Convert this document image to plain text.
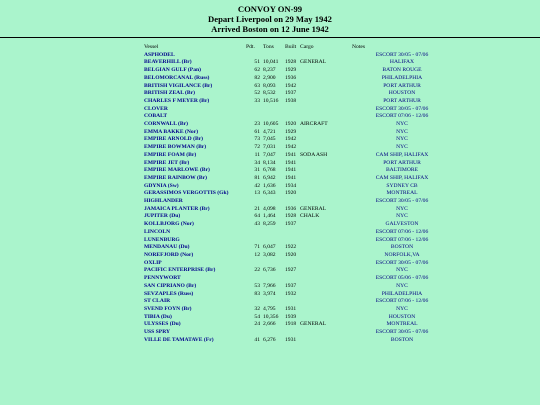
CONVOY ON-99
Depart Liverpool on 29 May 1942
Arrived Boston on 12 June 1942
Vessel	Pdt.	Tons	Built	Cargo	Notes
ASPHODEL					ESCORT 30/05 - 07/06
BEAVERHILL (Br)	51	10,041	1928	GENERAL	HALIFAX
BELGIAN GULF (Pan)	62	8,237	1929		BATON ROUGE
BELOMORCANAL (Russ)	82	2,900	1936		PHILADELPHIA
BRITISH VIGILANCE (Br)	63	8,093	1942		PORT ARTHUR
BRITISH ZEAL (Br)	52	8,532	1937		HOUSTON
CHARLES F MEYER (Br)	33	10,516	1938		PORT ARTHUR
CLOVER					ESCORT 30/05 - 07/06
COBALT					ESCORT 07/06 - 12/06
CORNWALL (Br)	23	10,605	1920	AIRCRAFT	NYC
EMMA BAKKE (Nor)	61	4,721	1929		NYC
EMPIRE ARNOLD (Br)	73	7,045	1942		NYC
EMPIRE BOWMAN (Br)	72	7,031	1942		NYC
EMPIRE FOAM (Br)	11	7,047	1941	SODA ASH	CAM SHIP, HALIFAX
EMPIRE JET (Br)	34	8,134	1941		PORT ARTHUR
EMPIRE MARLOWE (Br)	31	6,768	1941		BALTIMORE
EMPIRE RAINBOW (Br)	81	6,942	1941		CAM SHIP, HALIFAX
GDYNIA (Sw)	42	1,636	1934		SYDNEY CB
GERASSIMOS VERGOTTIS (Gk)	13	6,343	1920		MONTREAL
HIGHLANDER					ESCORT 30/05 - 07/06
JAMAICA PLANTER (Br)	21	4,098	1936	GENERAL	NYC
JUPITER (Du)	64	1,464	1928	CHALK	NYC
KOLLBJORG (Nor)	43	8,259	1937		GALVESTON
LINCOLN					ESCORT 07/06 - 12/06
LUNENBURG					ESCORT 07/06 - 12/06
MENDANAU (Du)	71	6,047	1922		BOSTON
NOREFJORD (Nor)	12	3,082	1920		NORFOLK,VA
OXLIP					ESCORT 30/05 - 07/06
PACIFIC ENTERPRISE (Br)	22	6,736	1927		NYC
PENNYWORT					ESCORT 05/06 - 07/06
SAN CIPRIANO (Br)	53	7,966	1937		NYC
SEVZAPLES (Russ)	83	3,974	1932		PHILADELPHIA
ST CLAIR					ESCORT 07/06 - 12/06
SVEND FOYN (Br)	32	4,795	1931		NYC
TIBIA (Du)	54	10,356	1939		HOUSTON
ULYSSES (Du)	24	2,666	1918	GENERAL	MONTREAL
USS SPRY					ESCORT 30/05 - 07/06
VILLE DE TAMATAVE (Fr)	41	6,276	1931		BOSTON
